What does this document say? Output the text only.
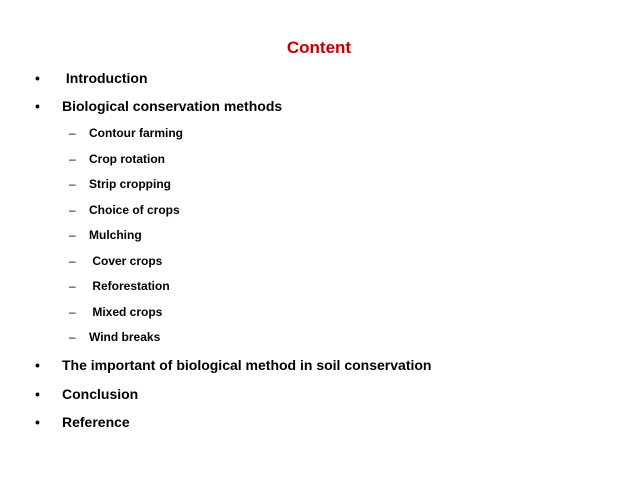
Content
•	Introduction
•	Biological conservation methods
– Contour farming
– Crop rotation
– Strip cropping
– Choice of crops
– Mulching
– Cover crops
– Reforestation
– Mixed crops
– Wind breaks
•	The important of biological method in soil conservation
•	Conclusion
•	Reference
